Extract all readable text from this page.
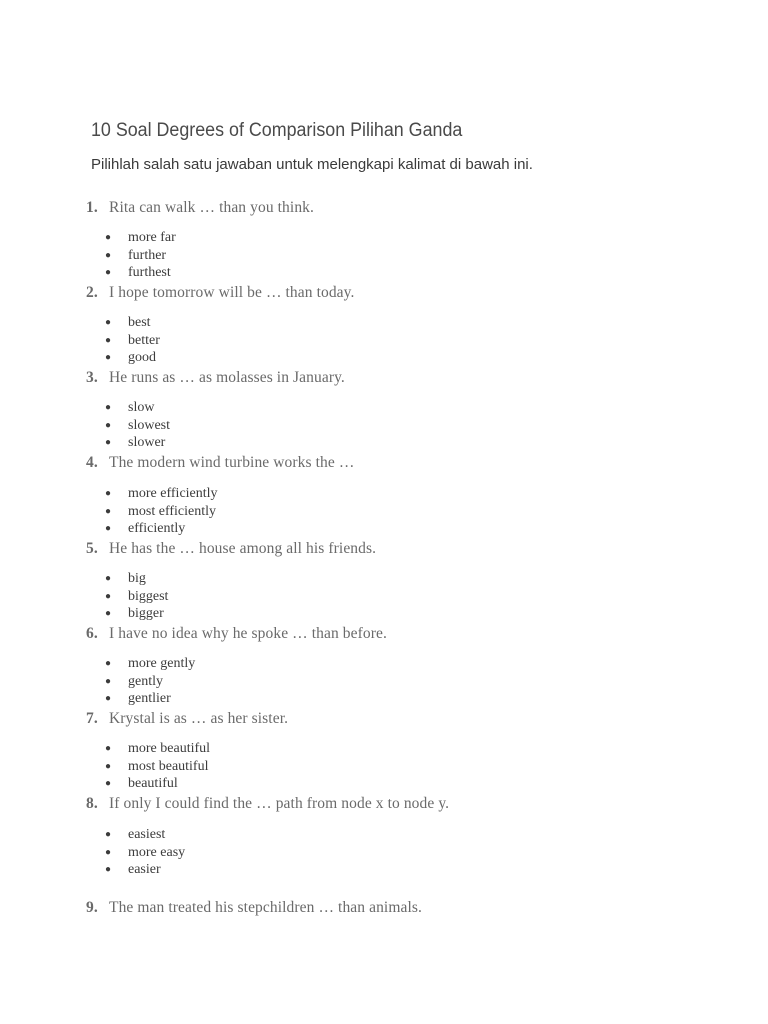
10 Soal Degrees of Comparison Pilihan Ganda

Pilihlah salah satu jawaban untuk melengkapi kalimat di bawah ini.

1. Rita can walk … than you think.

● more far
● further
● furthest

2. I hope tomorrow will be … than today.

● best
● better
● good

3. He runs as … as molasses in January.

● slow
● slowest
● slower

4. The modern wind turbine works the …

● more efficiently
● most efficiently
● efficiently

5. He has the … house among all his friends.

● big
● biggest
● bigger

6. I have no idea why he spoke … than before.

● more gently
● gently
● gentlier

7. Krystal is as … as her sister.

● more beautiful
● most beautiful
● beautiful

8. If only I could find the … path from node x to node y.

● easiest
● more easy
● easier

9. The man treated his stepchildren … than animals.
